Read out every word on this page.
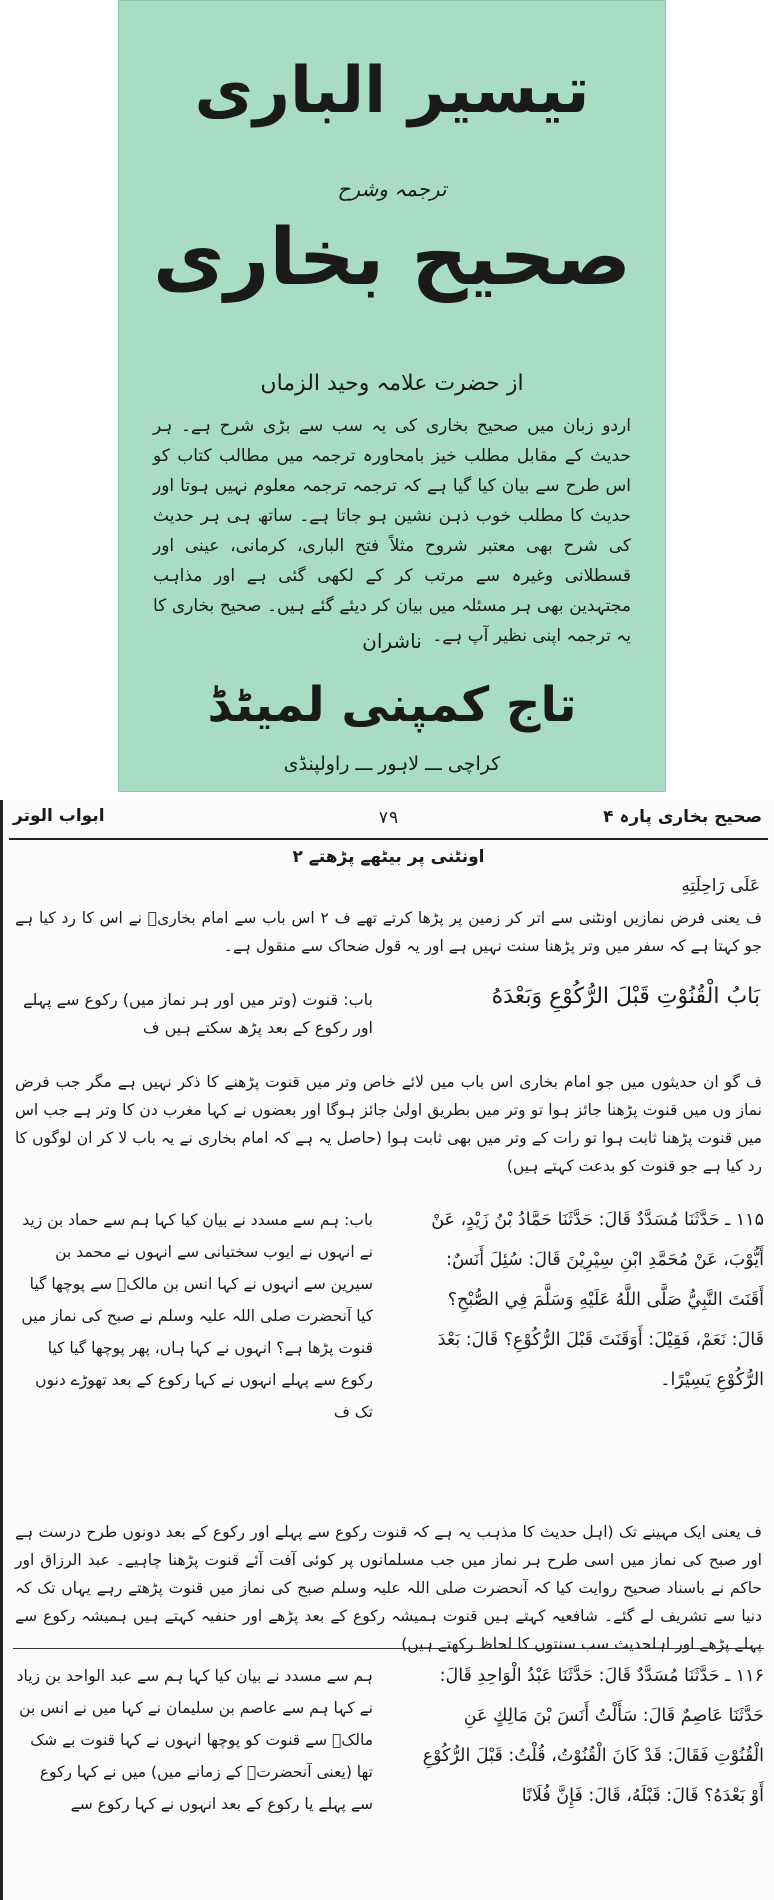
تیسیر الباری
ترجمہ وشرح
صحیح بخاری
از حضرت علامہ وحید الزماں
اردو زبان میں صحیح بخاری کی یہ سب سے بڑی شرح ہے۔ ہر حدیث کے مقابل مطلب خیز بامحاورہ ترجمہ میں مطالب کتاب کو اس طرح سے بیان کیا گیا ہے کہ ترجمہ ترجمہ معلوم نہیں ہوتا اور حدیث کا مطلب خوب ذہن نشین ہو جاتا ہے۔ ساتھ ہی ہر حدیث کی شرح بھی معتبر شروح مثلاً فتح الباری، کرمانی، عینی اور قسطلانی وغیرہ سے مرتب کر کے لکھی گئی ہے اور مذاہب مجتہدین بھی ہر مسئلہ میں بیان کر دیئے گئے ہیں۔ صحیح بخاری کا یہ ترجمہ اپنی نظیر آپ ہے۔
ناشران
تاج کمپنی لمیٹڈ
کراچی ـــ لاہور ـــ راولپنڈی
صحیح بخاری پارہ ۴
۷۹
ابواب الوتر
اونٹنی پر بیٹھے پڑھتے ۲
عَلَى رَاحِلَتِهِ
ف یعنی فرض نمازیں اونٹنی سے اتر کر زمین پر پڑھا کرتے تھے ف ۲ اس باب سے امام بخاریؒ نے اس کا رد کیا ہے جو کہتا ہے کہ سفر میں وتر پڑھنا سنت نہیں ہے اور یہ قول ضحاک سے منقول ہے۔
بَابُ الْقُنُوْتِ قَبْلَ الرُّكُوْعِ وَبَعْدَهُ
باب: قنوت (وتر میں اور ہر نماز میں) رکوع سے پہلے اور رکوع کے بعد پڑھ سکتے ہیں ف
ف گو ان حدیثوں میں جو امام بخاری اس باب میں لائے خاص وتر میں قنوت پڑھنے کا ذکر نہیں ہے مگر جب فرض نماز وں میں قنوت پڑھنا جائز ہوا تو وتر میں بطریق اولیٰ جائز ہوگا اور بعضوں نے کہا مغرب دن کا وتر ہے جب اس میں قنوت پڑھنا ثابت ہوا تو رات کے وتر میں بھی ثابت ہوا (حاصل یہ ہے کہ امام بخاری نے یہ باب لا کر ان لوگوں کا رد کیا ہے جو قنوت کو بدعت کہتے ہیں)
۱۱۵ ـ حَدَّثَنَا مُسَدَّدٌ قَالَ: حَدَّثَنَا حَمَّادُ بْنُ زَيْدٍ، عَنْ أَيُّوْبَ، عَنْ مُحَمَّدِ ابْنِ سِيْرِيْنَ قَالَ: سُئِلَ أَنَسٌ: أَقَنَتَ النَّبِيُّ صَلَّى اللَّهُ عَلَيْهِ وَسَلَّمَ فِي الصُّبْحِ؟ قَالَ: نَعَمْ، فَقِيْلَ: أَوَقَنَتَ قَبْلَ الرُّكُوْعِ؟ قَالَ: بَعْدَ الرُّكُوْعِ يَسِيْرًا۔
باب: ہم سے مسدد نے بیان کیا کہا ہم سے حماد بن زید نے انہوں نے ایوب سختیانی سے انہوں نے محمد بن سیرین سے انہوں نے کہا انس بن مالکؓ سے پوچھا گیا کیا آنحضرت صلی اللہ علیہ وسلم نے صبح کی نماز میں قنوت پڑھا ہے؟ انہوں نے کہا ہاں، پھر پوچھا گیا کیا رکوع سے پہلے انہوں نے کہا رکوع کے بعد تھوڑے دنوں تک ف
ف یعنی ایک مہینے تک (اہل حدیث کا مذہب یہ ہے کہ قنوت رکوع سے پہلے اور رکوع کے بعد دونوں طرح درست ہے اور صبح کی نماز میں اسی طرح ہر نماز میں جب مسلمانوں پر کوئی آفت آئے قنوت پڑھنا چاہیے۔ عبد الرزاق اور حاکم نے باسناد صحیح روایت کیا کہ آنحضرت صلی اللہ علیہ وسلم صبح کی نماز میں قنوت پڑھتے رہے یہاں تک کہ دنیا سے تشریف لے گئے۔ شافعیہ کہتے ہیں قنوت ہمیشہ رکوع کے بعد پڑھے اور حنفیہ کہتے ہیں ہمیشہ رکوع سے پہلے پڑھے اور اہلحدیث سب سنتوں کا لحاظ رکھتے ہیں)
۱۱۶ ـ حَدَّثَنَا مُسَدَّدٌ قَالَ: حَدَّثَنَا عَبْدُ الْوَاحِدِ قَالَ: حَدَّثَنَا عَاصِمٌ قَالَ: سَأَلْتُ أَنَسَ بْنَ مَالِكٍ عَنِ الْقُنُوْتِ فَقَالَ: قَدْ كَانَ الْقُنُوْتُ، قُلْتُ: قَبْلَ الرُّكُوْعِ أَوْ بَعْدَهُ؟ قَالَ: قَبْلَهُ، قَالَ: فَإِنَّ فُلَانًا
ہم سے مسدد نے بیان کیا کہا ہم سے عبد الواحد بن زیاد نے کہا ہم سے عاصم بن سلیمان نے کہا میں نے انس بن مالکؓ سے قنوت کو پوچھا انہوں نے کہا قنوت بے شک تھا (یعنی آنحضرتؐ کے زمانے میں) میں نے کہا رکوع سے پہلے یا رکوع کے بعد انہوں نے کہا رکوع سے
